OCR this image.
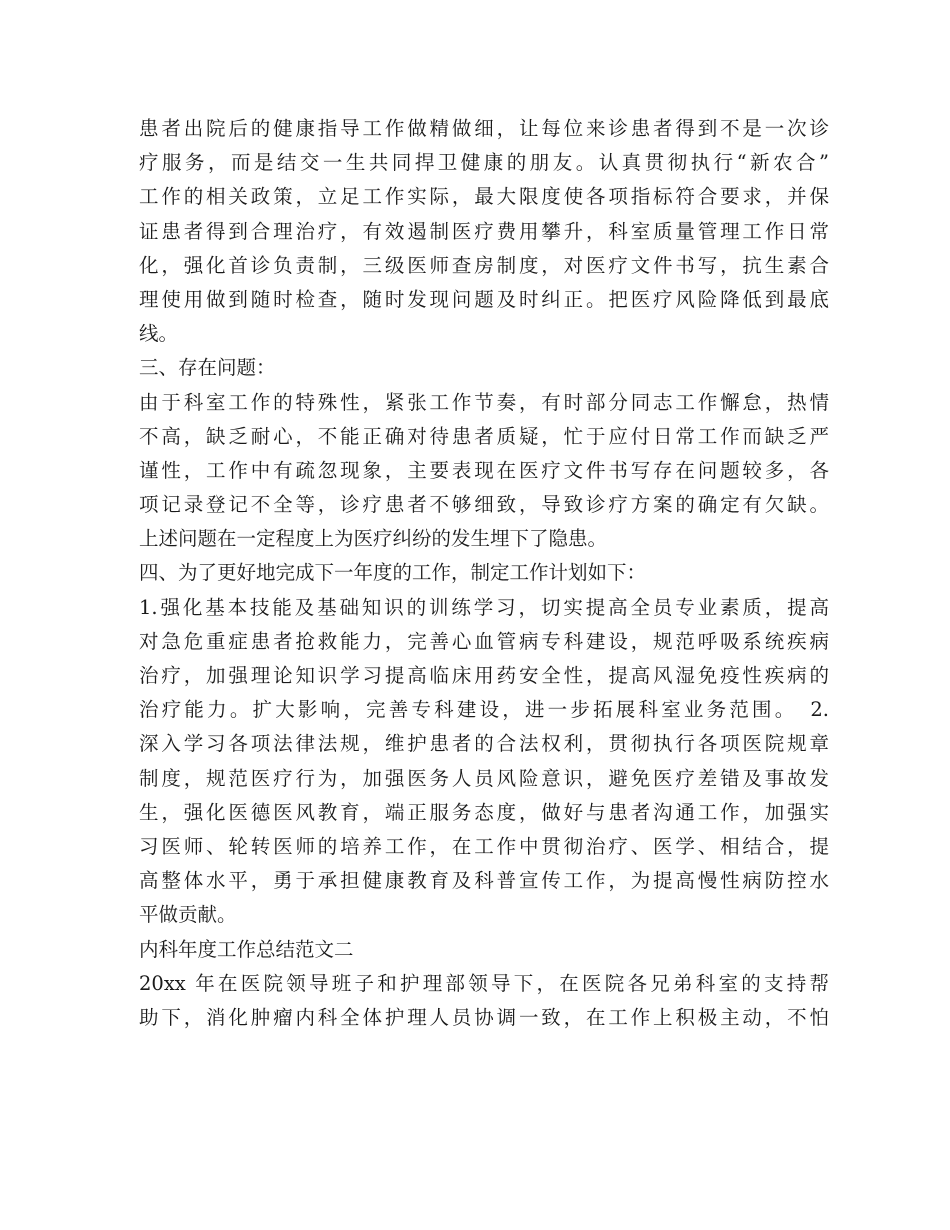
患者出院后的健康指导工作做精做细，让每位来诊患者得到不是一次诊
疗服务，而是结交一生共同捍卫健康的朋友。认真贯彻执行“新农合”
工作的相关政策，立足工作实际，最大限度使各项指标符合要求，并保
证患者得到合理治疗，有效遏制医疗费用攀升，科室质量管理工作日常
化，强化首诊负责制，三级医师查房制度，对医疗文件书写，抗生素合
理使用做到随时检查，随时发现问题及时纠正。把医疗风险降低到最底
线。
三、存在问题：
由于科室工作的特殊性，紧张工作节奏，有时部分同志工作懈怠，热情
不高，缺乏耐心，不能正确对待患者质疑，忙于应付日常工作而缺乏严
谨性，工作中有疏忽现象，主要表现在医疗文件书写存在问题较多，各
项记录登记不全等，诊疗患者不够细致，导致诊疗方案的确定有欠缺。
上述问题在一定程度上为医疗纠纷的发生埋下了隐患。
四、为了更好地完成下一年度的工作，制定工作计划如下：
1.强化基本技能及基础知识的训练学习，切实提高全员专业素质，提高
对急危重症患者抢救能力，完善心血管病专科建设，规范呼吸系统疾病
治疗，加强理论知识学习提高临床用药安全性，提高风湿免疫性疾病的
治疗能力。扩大影响，完善专科建设，进一步拓展科室业务范围。　2.
深入学习各项法律法规，维护患者的合法权利，贯彻执行各项医院规章
制度，规范医疗行为，加强医务人员风险意识，避免医疗差错及事故发
生，强化医德医风教育，端正服务态度，做好与患者沟通工作，加强实
习医师、轮转医师的培养工作，在工作中贯彻治疗、医学、相结合，提
高整体水平，勇于承担健康教育及科普宣传工作，为提高慢性病防控水
平做贡献。
内科年度工作总结范文二
20xx 年在医院领导班子和护理部领导下，在医院各兄弟科室的支持帮
助下，消化肿瘤内科全体护理人员协调一致，在工作上积极主动，不怕
